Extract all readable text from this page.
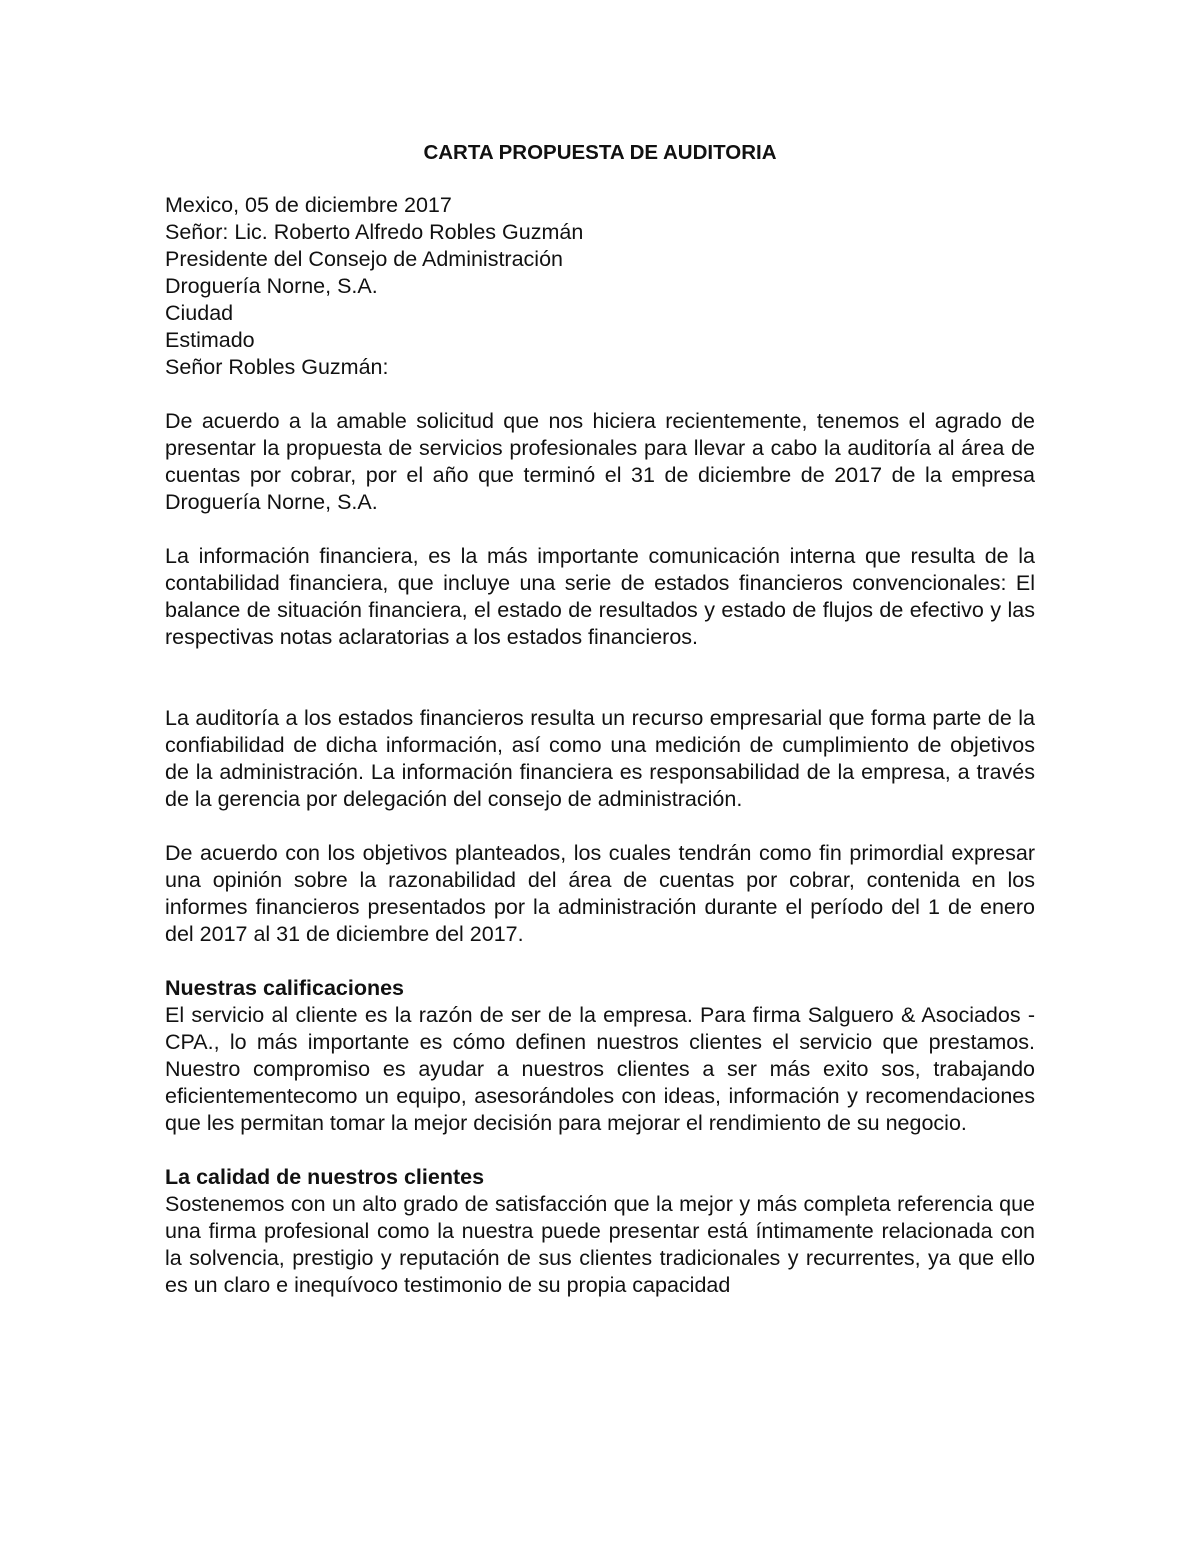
CARTA PROPUESTA DE AUDITORIA
Mexico, 05 de diciembre 2017
Señor: Lic. Roberto Alfredo Robles Guzmán
Presidente del Consejo de Administración
Droguería Norne, S.A.
Ciudad
Estimado
Señor Robles Guzmán:

De acuerdo a la amable solicitud que nos hiciera recientemente, tenemos el agrado de presentar la propuesta de servicios profesionales para llevar a cabo la auditoría al área de cuentas por cobrar, por el año que terminó el 31 de diciembre de 2017 de la empresa Droguería Norne, S.A.

La información financiera, es la más importante comunicación interna que resulta de la contabilidad financiera, que incluye una serie de estados financieros convencionales: El balance de situación financiera, el estado de resultados y estado de flujos de efectivo y las respectivas notas aclaratorias a los estados financieros.

La auditoría a los estados financieros resulta un recurso empresarial que forma parte de la confiabilidad de dicha información, así como una medición de cumplimiento de objetivos de la administración. La información financiera es responsabilidad de la empresa, a través de la gerencia por delegación del consejo de administración.

De acuerdo con los objetivos planteados, los cuales tendrán como fin primordial expresar una opinión sobre la razonabilidad del área de cuentas por cobrar, contenida en los informes financieros presentados por la administración durante el período del 1 de enero del 2017 al 31 de diciembre del 2017.

Nuestras calificaciones

El servicio al cliente es la razón de ser de la empresa. Para firma Salguero & Asociados -CPA., lo más importante es cómo definen nuestros clientes el servicio que prestamos. Nuestro compromiso es ayudar a nuestros clientes a ser más exito sos, trabajando eficientementecomo un equipo, asesorándoles con ideas, información y recomendaciones que les permitan tomar la mejor decisión para mejorar el rendimiento de su negocio.

La calidad de nuestros clientes

Sostenemos con un alto grado de satisfacción que la mejor y más completa referencia que una firma profesional como la nuestra puede presentar está íntimamente relacionada con la solvencia, prestigio y reputación de sus clientes tradicionales y recurrentes, ya que ello es un claro e inequívoco testimonio de su propia capacidad
